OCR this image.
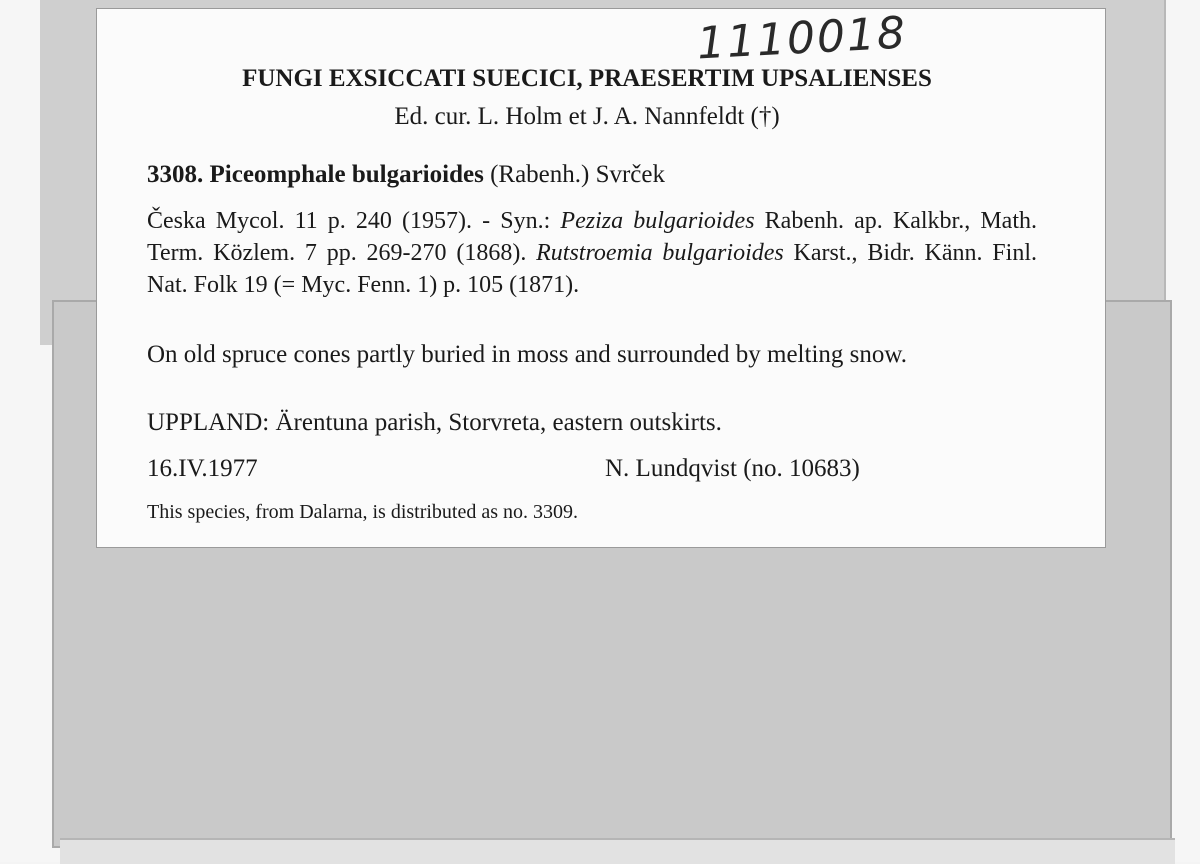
1110018
FUNGI EXSICCATI SUECICI, PRAESERTIM UPSALIENSES
Ed. cur. L. Holm et J. A. Nannfeldt (†)
3308. Piceomphale bulgarioides (Rabenh.) Svrček
Česka Mycol. 11 p. 240 (1957). - Syn.: Peziza bulgarioides Rabenh. ap. Kalkbr., Math. Term. Közlem. 7 pp. 269-270 (1868). Rutstroemia bulgarioides Karst., Bidr. Känn. Finl. Nat. Folk 19 (= Myc. Fenn. 1) p. 105 (1871).
On old spruce cones partly buried in moss and surrounded by melting snow.
UPPLAND: Ärentuna parish, Storvreta, eastern outskirts.
16.IV.1977	N. Lundqvist (no. 10683)
This species, from Dalarna, is distributed as no. 3309.
